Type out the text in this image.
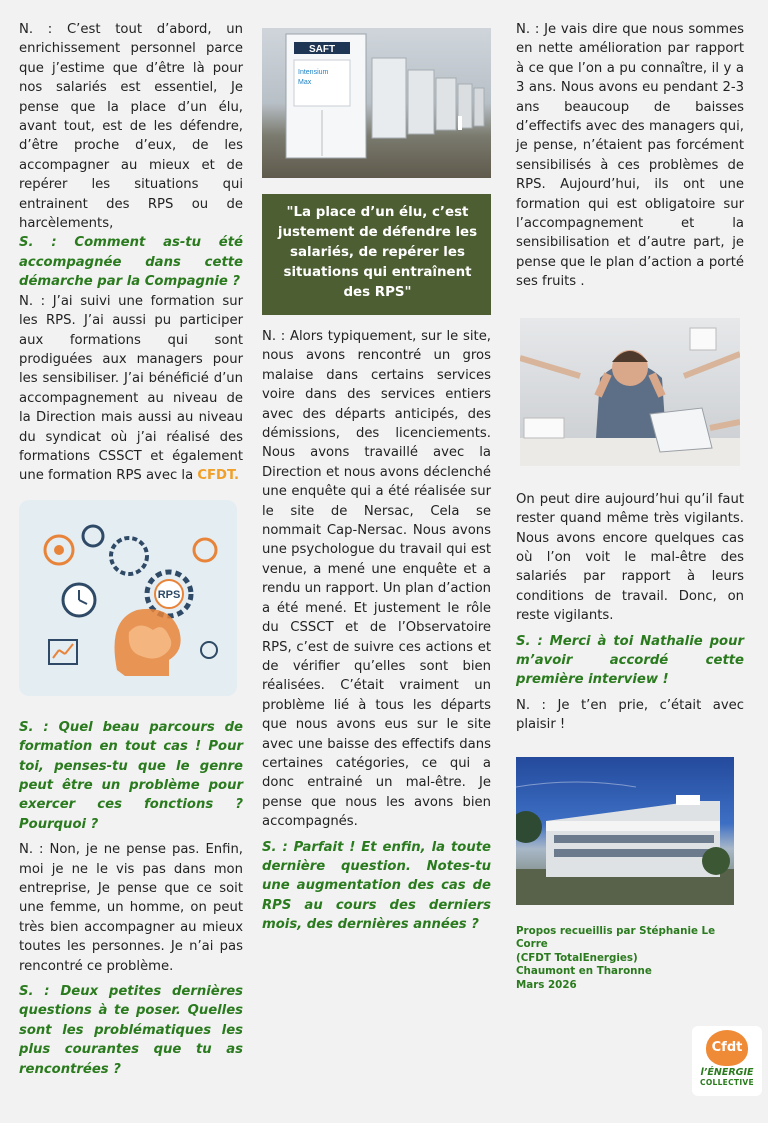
N. : C’est tout d’abord, un enrichissement personnel parce que j’estime que d’être là pour nos salariés est essentiel, Je pense que la place d’un élu, avant tout, est de les défendre, d’être proche d’eux, de les accompagner au mieux et de repérer les situations qui entrainent des RPS ou de harcèlements,

S. : Comment as-tu été accompagnée dans cette démarche par la Compagnie ?

N. : J’ai suivi une formation sur les RPS. J’ai aussi pu participer aux formations qui sont prodiguées aux managers pour les sensibiliser. J’ai bénéficié d’un accompagnement au niveau de la Direction mais aussi au niveau du syndicat où j’ai réalisé des formations CSSCT et également une formation RPS avec la CFDT.

RPS

S. : Quel beau parcours de formation en tout cas ! Pour toi, penses-tu que le genre peut être un problème pour exercer ces fonctions ? Pourquoi ?

N. : Non, je ne pense pas. Enfin, moi je ne le vis pas dans mon entreprise, Je pense que ce soit une femme, un homme, on peut très bien accompagner au mieux toutes les personnes. Je n’ai pas rencontré ce problème.

S. : Deux petites dernières questions à te poser. Quelles sont les problématiques les plus courantes que tu as rencontrées ?

SAFT
Intensium
Max
"La place d’un élu, c’est justement de défendre les salariés, de repérer les situations qui entraînent des RPS"

N. : Alors typiquement, sur le site, nous avons rencontré un gros malaise dans certains services voire dans des services entiers avec des départs anticipés, des démissions, des licenciements. Nous avons travaillé avec la Direction et nous avons déclenché une enquête qui a été réalisée sur le site de Nersac, Cela se nommait Cap-Nersac. Nous avons une psychologue du travail qui est venue, a mené une enquête et a rendu un rapport. Un plan d’action a été mené. Et justement le rôle du CSSCT et de l’Observatoire RPS, c’est de suivre ces actions et de vérifier qu’elles sont bien réalisées. C’était vraiment un problème lié à tous les départs que nous avons eus sur le site avec une baisse des effectifs dans certaines catégories, ce qui a donc entrainé un mal-être. Je pense que nous les avons bien accompagnés.

S. : Parfait ! Et enfin, la toute dernière question. Notes-tu une augmentation des cas de RPS au cours des derniers mois, des dernières années ?

N. : Je vais dire que nous sommes en nette amélioration par rapport à ce que l’on a pu connaître, il y a 3 ans. Nous avons eu pendant 2-3 ans beaucoup de baisses d’effectifs avec des managers qui, je pense, n’étaient pas forcément sensibilisés à ces problèmes de RPS. Aujourd’hui, ils ont une formation qui est obligatoire sur l’accompagnement et la sensibilisation et d’autre part, je pense que le plan d’action a porté ses fruits .

On peut dire aujourd’hui qu’il faut rester quand même très vigilants. Nous avons encore quelques cas où l’on voit le mal-être des salariés par rapport à leurs conditions de travail. Donc, on reste vigilants.

S. : Merci à toi Nathalie pour m’avoir accordé cette première interview !

N. : Je t’en prie, c’était avec plaisir !

Propos recueillis par Stéphanie Le Corre
(CFDT TotalEnergies)
Chaumont en Tharonne
Mars 2026
Cfdt
l’ÉNERGIE
COLLECTIVE
